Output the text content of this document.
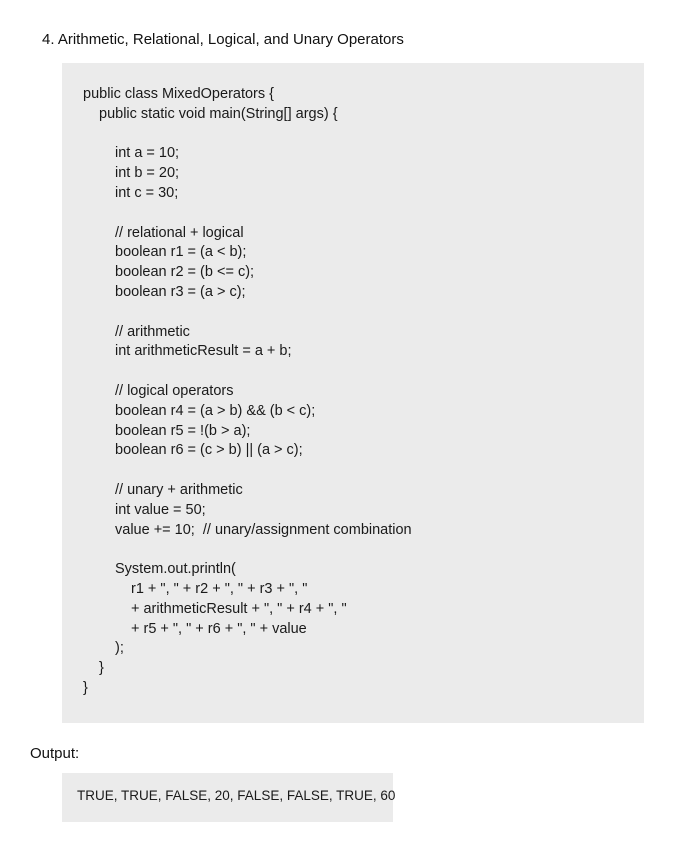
4. Arithmetic, Relational, Logical, and Unary Operators
public class MixedOperators {
public static void main(String[] args) {
int a = 10;
int b = 20;
int c = 30;
// relational + logical
boolean r1 = (a < b);
boolean r2 = (b <= c);
boolean r3 = (a > c);
// arithmetic
int arithmeticResult = a + b;
// logical operators
boolean r4 = (a > b) && (b < c);
boolean r5 = !(b > a);
boolean r6 = (c > b) || (a > c);
// unary + arithmetic
int value = 50;
value += 10;  // unary/assignment combination
System.out.println(
r1 + ", " + r2 + ", " + r3 + ", "
+ arithmeticResult + ", " + r4 + ", "
+ r5 + ", " + r6 + ", " + value
);
}
}
Output:
TRUE, TRUE, FALSE, 20, FALSE, FALSE, TRUE, 60
